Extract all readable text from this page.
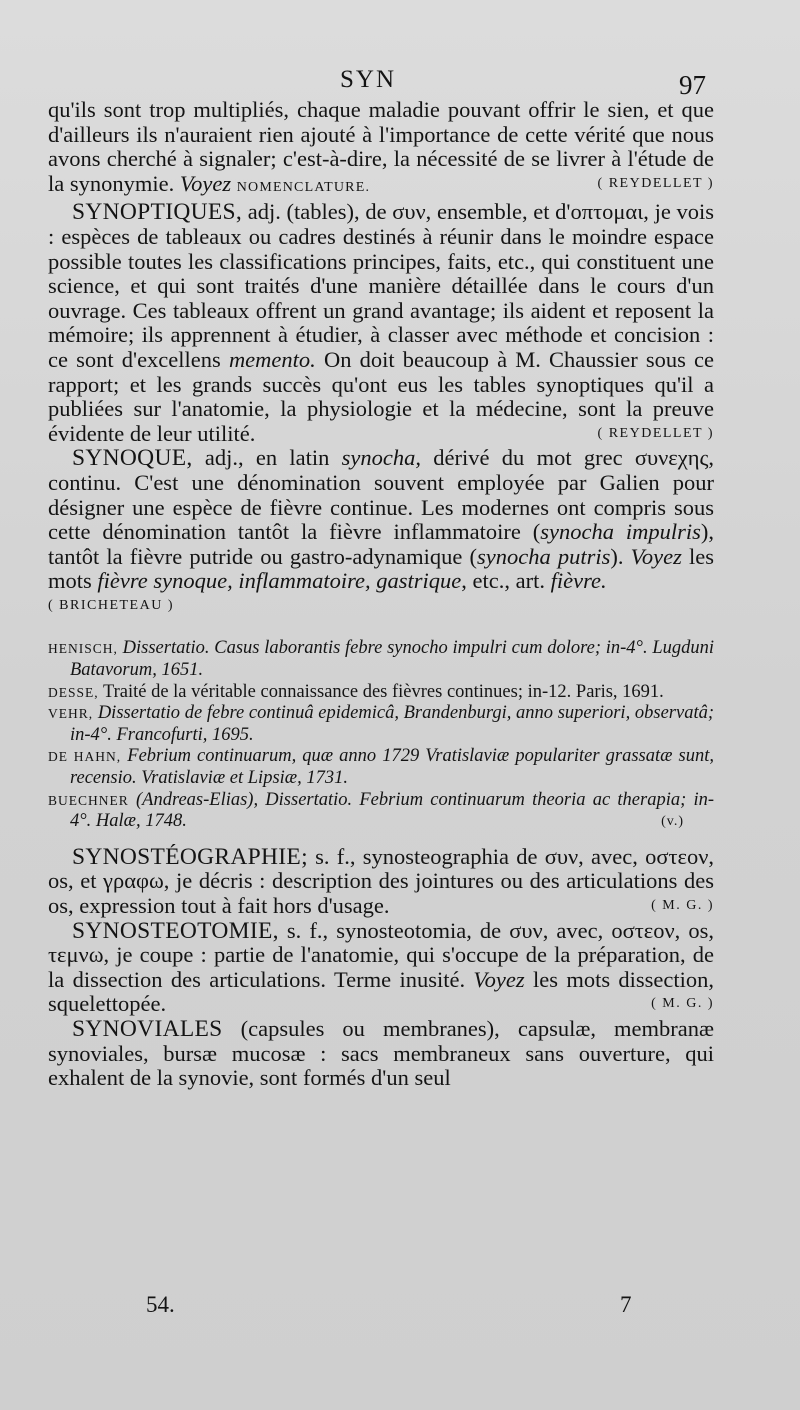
SYN	97

qu'ils sont trop multipliés, chaque maladie pouvant offrir le sien, et que d'ailleurs ils n'auraient rien ajouté à l'importance de cette vérité que nous avons cherché à signaler; c'est-à-dire, la nécessité de se livrer à l'étude de la synonymie. Voyez NOMENCLATURE.	( REYDELLET )

SYNOPTIQUES, adj. (tables), de συν, ensemble, et d'οπτομαι, je vois : espèces de tableaux ou cadres destinés à réunir dans le moindre espace possible toutes les classifications principes, faits, etc., qui constituent une science, et qui sont traités d'une manière détaillée dans le cours d'un ouvrage. Ces tableaux offrent un grand avantage; ils aident et reposent la mémoire; ils apprennent à étudier, à classer avec méthode et concision : ce sont d'excellens memento. On doit beaucoup à M. Chaussier sous ce rapport; et les grands succès qu'ont eus les tables synoptiques qu'il a publiées sur l'anatomie, la physiologie et la médecine, sont la preuve évidente de leur utilité.	( REYDELLET )

SYNOQUE, adj., en latin synocha, dérivé du mot grec συνεχης, continu. C'est une dénomination souvent employée par Galien pour désigner une espèce de fièvre continue. Les modernes ont compris sous cette dénomination tantôt la fièvre inflammatoire (synocha impulris), tantôt la fièvre putride ou gastro-adynamique (synocha putris). Voyez les mots fièvre synoque, inflammatoire, gastrique, etc., art. fièvre.

( BRICHETEAU )

HENISCH, Dissertatio. Casus laborantis febre synocho impulri cum dolore; in-4°. Lugduni Batavorum, 1651.

DESSE, Traité de la véritable connaissance des fièvres continues; in-12. Paris, 1691.

VEHR, Dissertatio de febre continuâ epidemicâ, Brandenburgi, anno superiori, observatâ; in-4°. Francofurti, 1695.

DE HAHN, Febrium continuarum, quæ anno 1729 Vratislaviæ populariter grassatæ sunt, recensio. Vratislaviæ et Lipsiæ, 1731.

BUECHNER (Andreas-Elias), Dissertatio. Febrium continuarum theoria ac therapia; in-4°. Halæ, 1748.	(v.)

SYNOSTÉOGRAPHIE; s. f., synosteographia de συν, avec, οστεον, os, et γραφω, je décris : description des jointures ou des articulations des os, expression tout à fait hors d'usage.	( M. G. )

SYNOSTEOTOMIE, s. f., synosteotomia, de συν, avec, οστεον, os, τεμνω, je coupe : partie de l'anatomie, qui s'occupe de la préparation, de la dissection des articulations. Terme inusité. Voyez les mots dissection, squelettopée.	( M. G. )

SYNOVIALES (capsules ou membranes), capsulæ, membranæ synoviales, bursæ mucosæ : sacs membraneux sans ouverture, qui exhalent de la synovie, sont formés d'un seul

54.	7
